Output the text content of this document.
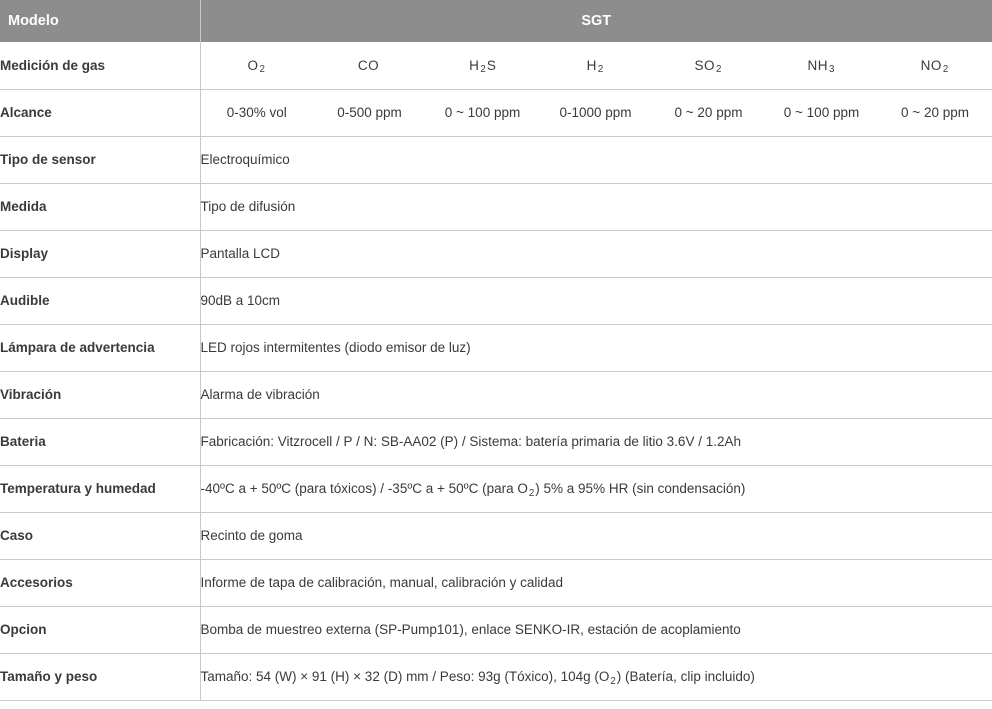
Modelo	SGT						
Medición de gas	$O_2$	CO	$H_2S$	$H_2$	$SO_2$	$NH_3$	$NO_2$
Alcance	0-30% vol	0-500 ppm	0 ~ 100 ppm	0-1000 ppm	0 ~ 20 ppm	0 ~ 100 ppm	0 ~ 20 ppm
Tipo de sensor	Electroquímico						
Medida	Tipo de difusión						
Display	Pantalla LCD						
Audible	90dB a 10cm						
Lámpara de advertencia	LED rojos intermitentes (diodo emisor de luz)						
Vibración	Alarma de vibración						
Bateria	Fabricación: Vitzrocell / P / N: SB-AA02 (P) / Sistema: batería primaria de litio 3.6V / 1.2Ah						
Temperatura y humedad	-40ºC a + 50ºC (para tóxicos) / -35ºC a + 50ºC (para $O_2$) 5% a 95% HR (sin condensación)						
Caso	Recinto de goma						
Accesorios	Informe de tapa de calibración, manual, calibración y calidad						
Opcion	Bomba de muestreo externa (SP-Pump101), enlace SENKO-IR, estación de acoplamiento						
Tamaño y peso	Tamaño: 54 (W) × 91 (H) × 32 (D) mm / Peso: 93g (Tóxico), 104g $(O_2)$ (Batería, clip incluido)						
